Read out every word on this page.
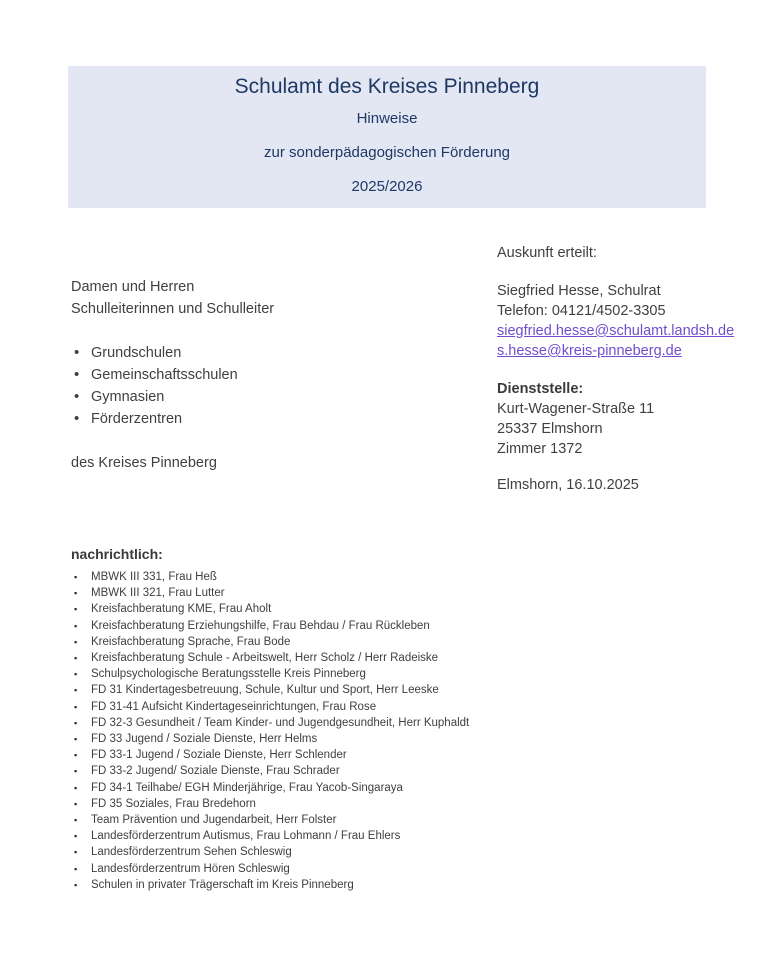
Schulamt des Kreises Pinneberg
Hinweise
zur sonderpädagogischen Förderung
2025/2026
Damen und Herren
Schulleiterinnen und Schulleiter
• Grundschulen
• Gemeinschaftsschulen
• Gymnasien
• Förderzentren
des Kreises Pinneberg
Auskunft erteilt:
Siegfried Hesse, Schulrat
Telefon: 04121/4502-3305
siegfried.hesse@schulamt.landsh.de
s.hesse@kreis-pinneberg.de
Dienststelle:
Kurt-Wagener-Straße 11
25337 Elmshorn
Zimmer 1372
Elmshorn, 16.10.2025
nachrichtlich:
▪ MBWK III 331, Frau Heß
▪ MBWK III 321, Frau Lutter
▪ Kreisfachberatung KME, Frau Aholt
▪ Kreisfachberatung Erziehungshilfe, Frau Behdau / Frau Rückleben
▪ Kreisfachberatung Sprache, Frau Bode
▪ Kreisfachberatung Schule - Arbeitswelt, Herr Scholz / Herr Radeiske
▪ Schulpsychologische Beratungsstelle Kreis Pinneberg
▪ FD 31 Kindertagesbetreuung, Schule, Kultur und Sport, Herr Leeske
▪ FD 31-41 Aufsicht Kindertageseinrichtungen, Frau Rose
▪ FD 32-3 Gesundheit / Team Kinder- und Jugendgesundheit, Herr Kuphaldt
▪ FD 33 Jugend / Soziale Dienste, Herr Helms
▪ FD 33-1 Jugend / Soziale Dienste, Herr Schlender
▪ FD 33-2 Jugend/ Soziale Dienste, Frau Schrader
▪ FD 34-1 Teilhabe/ EGH Minderjährige, Frau Yacob-Singaraya
▪ FD 35 Soziales, Frau Bredehorn
▪ Team Prävention und Jugendarbeit, Herr Folster
▪ Landesförderzentrum Autismus, Frau Lohmann / Frau Ehlers
▪ Landesförderzentrum Sehen Schleswig
▪ Landesförderzentrum Hören Schleswig
▪ Schulen in privater Trägerschaft im Kreis Pinneberg
